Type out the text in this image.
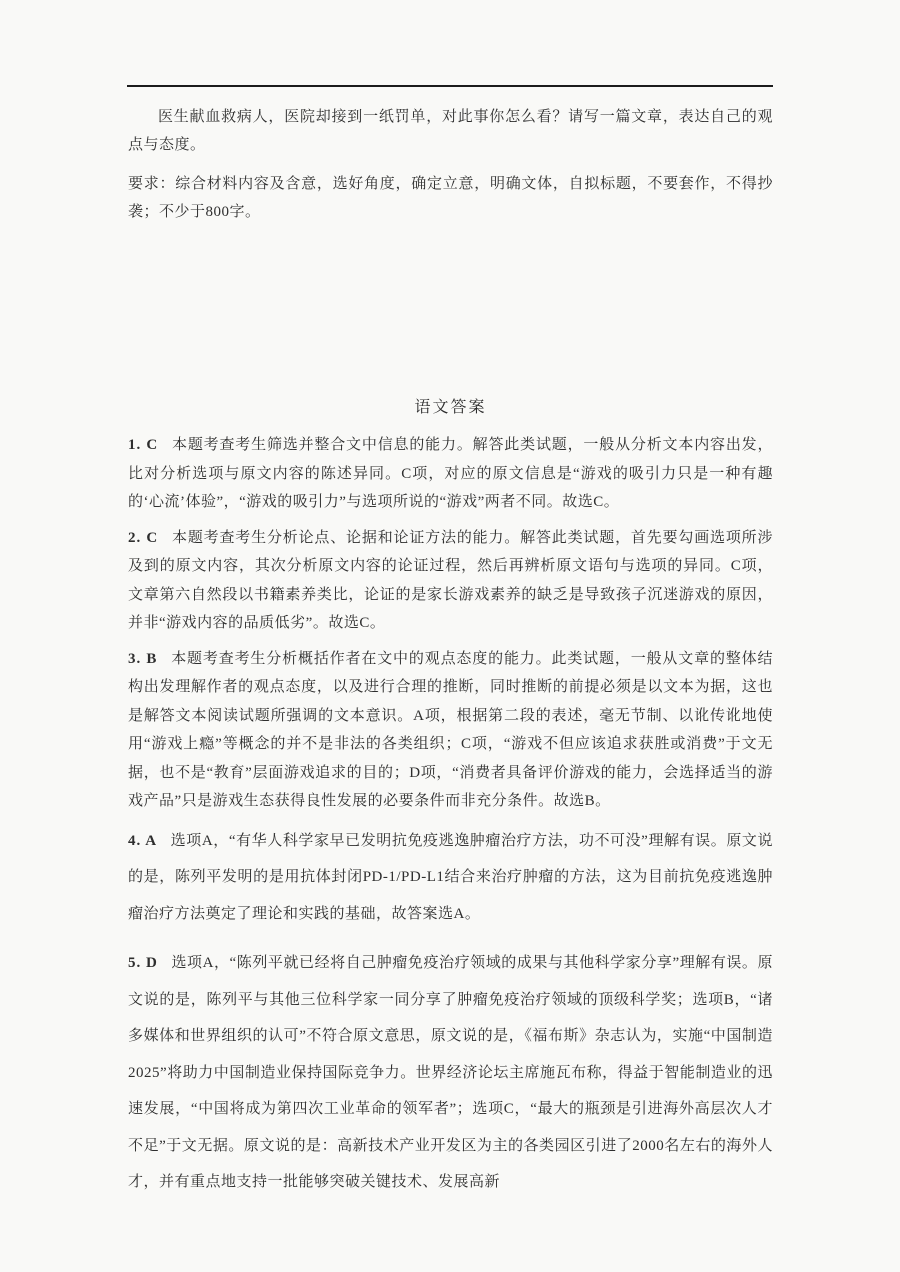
医生献血救病人，医院却接到一纸罚单，对此事你怎么看？请写一篇文章，表达自己的观点与态度。

要求：综合材料内容及含意，选好角度，确定立意，明确文体，自拟标题，不要套作，不得抄袭；不少于800字。

语文答案

1. C 本题考查考生筛选并整合文中信息的能力。解答此类试题，一般从分析文本内容出发，比对分析选项与原文内容的陈述异同。C项，对应的原文信息是“游戏的吸引力只是一种有趣的‘心流’体验”，“游戏的吸引力”与选项所说的“游戏”两者不同。故选C。

2. C 本题考查考生分析论点、论据和论证方法的能力。解答此类试题，首先要勾画选项所涉及到的原文内容，其次分析原文内容的论证过程，然后再辨析原文语句与选项的异同。C项，文章第六自然段以书籍素养类比，论证的是家长游戏素养的缺乏是导致孩子沉迷游戏的原因，并非“游戏内容的品质低劣”。故选C。

3. B 本题考查考生分析概括作者在文中的观点态度的能力。此类试题，一般从文章的整体结构出发理解作者的观点态度，以及进行合理的推断，同时推断的前提必须是以文本为据，这也是解答文本阅读试题所强调的文本意识。A项，根据第二段的表述，毫无节制、以讹传讹地使用“游戏上瘾”等概念的并不是非法的各类组织；C项，“游戏不但应该追求获胜或消费”于文无据，也不是“教育”层面游戏追求的目的；D项，“消费者具备评价游戏的能力，会选择适当的游戏产品”只是游戏生态获得良性发展的必要条件而非充分条件。故选B。

4. A 选项A，“有华人科学家早已发明抗免疫逃逸肿瘤治疗方法，功不可没”理解有误。原文说的是，陈列平发明的是用抗体封闭PD-1/PD-L1结合来治疗肿瘤的方法，这为目前抗免疫逃逸肿瘤治疗方法奠定了理论和实践的基础，故答案选A。

5. D 选项A，“陈列平就已经将自己肿瘤免疫治疗领域的成果与其他科学家分享”理解有误。原文说的是，陈列平与其他三位科学家一同分享了肿瘤免疫治疗领域的顶级科学奖；选项B，“诸多媒体和世界组织的认可”不符合原文意思，原文说的是，《福布斯》杂志认为，实施“中国制造2025”将助力中国制造业保持国际竞争力。世界经济论坛主席施瓦布称，得益于智能制造业的迅速发展，“中国将成为第四次工业革命的领军者”；选项C，“最大的瓶颈是引进海外高层次人才不足”于文无据。原文说的是：高新技术产业开发区为主的各类园区引进了2000名左右的海外人才，并有重点地支持一批能够突破关键技术、发展高新
